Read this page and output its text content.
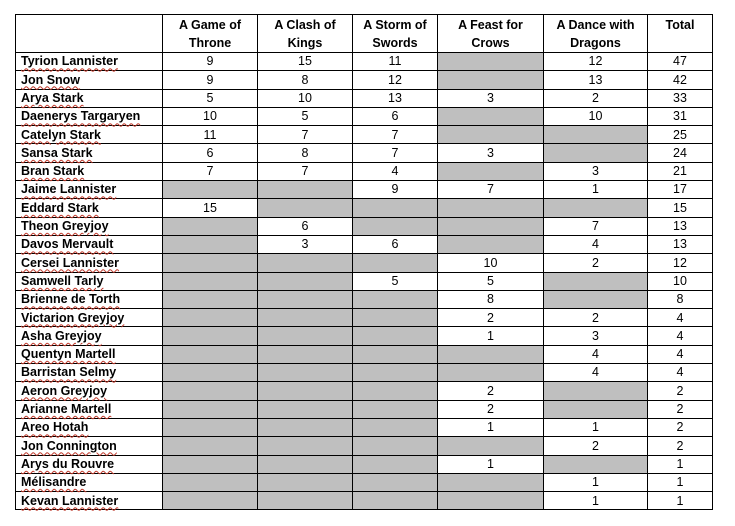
	A Game of Throne	A Clash of Kings	A Storm of Swords	A Feast for Crows	A Dance with Dragons	Total

Tyrion Lannister	9	15	11		12	47
Jon Snow	9	8	12		13	42
Arya Stark	5	10	13	3	2	33
Daenerys Targaryen	10	5	6		10	31
Catelyn Stark	11	7	7			25
Sansa Stark	6	8	7	3		24
Bran Stark	7	7	4		3	21
Jaime Lannister			9	7	1	17
Eddard Stark	15					15
Theon Greyjoy		6			7	13
Davos Mervault		3	6		4	13
Cersei Lannister				10	2	12
Samwell Tarly			5	5		10
Brienne de Torth				8		8
Victarion Greyjoy				2	2	4
Asha Greyjoy				1	3	4
Quentyn Martell					4	4
Barristan Selmy					4	4
Aeron Greyjoy				2		2
Arianne Martell				2		2
Areo Hotah				1	1	2
Jon Connington					2	2
Arys du Rouvre				1		1
Mélisandre					1	1
Kevan Lannister					1	1
